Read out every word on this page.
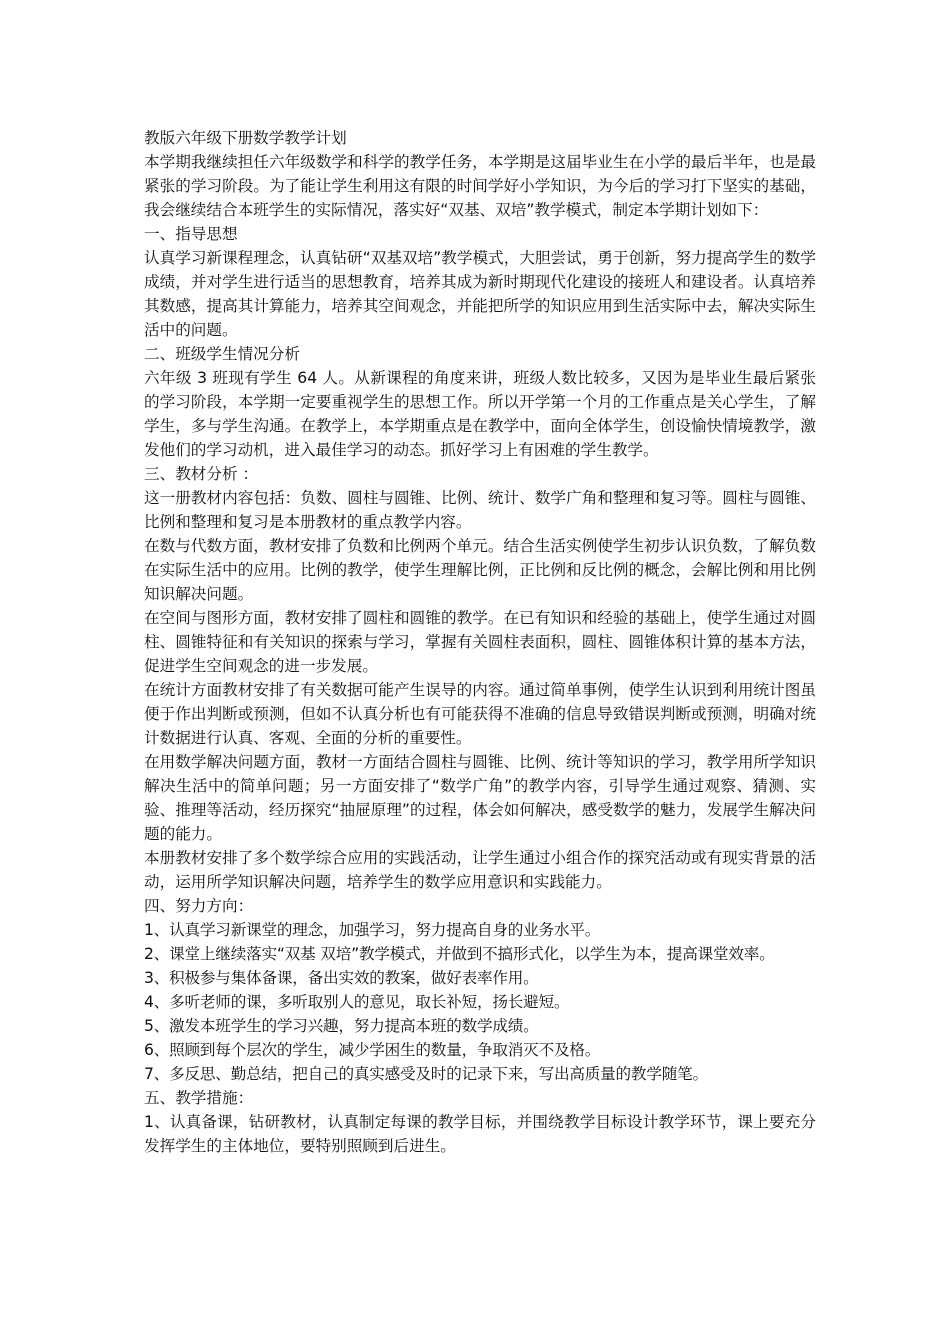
教版六年级下册数学教学计划

本学期我继续担任六年级数学和科学的教学任务，本学期是这届毕业生在小学的最后半年，也是最紧张的学习阶段。为了能让学生利用这有限的时间学好小学知识，为今后的学习打下坚实的基础，我会继续结合本班学生的实际情况，落实好“双基、双培”教学模式，制定本学期计划如下：

一、指导思想

认真学习新课程理念，认真钻研“双基双培”教学模式，大胆尝试，勇于创新，努力提高学生的数学成绩，并对学生进行适当的思想教育，培养其成为新时期现代化建设的接班人和建设者。认真培养其数感，提高其计算能力，培养其空间观念，并能把所学的知识应用到生活实际中去，解决实际生活中的问题。

二、班级学生情况分析

六年级 3 班现有学生 64 人。从新课程的角度来讲，班级人数比较多，又因为是毕业生最后紧张的学习阶段，本学期一定要重视学生的思想工作。所以开学第一个月的工作重点是关心学生，了解学生，多与学生沟通。在教学上，本学期重点是在教学中，面向全体学生，创设愉快情境教学，激发他们的学习动机，进入最佳学习的动态。抓好学习上有困难的学生教学。

三、教材分析 ：

这一册教材内容包括：负数、圆柱与圆锥、比例、统计、数学广角和整理和复习等。圆柱与圆锥、比例和整理和复习是本册教材的重点教学内容。

在数与代数方面，教材安排了负数和比例两个单元。结合生活实例使学生初步认识负数，了解负数在实际生活中的应用。比例的教学，使学生理解比例，正比例和反比例的概念，会解比例和用比例知识解决问题。

在空间与图形方面，教材安排了圆柱和圆锥的教学。在已有知识和经验的基础上，使学生通过对圆柱、圆锥特征和有关知识的探索与学习，掌握有关圆柱表面积，圆柱、圆锥体积计算的基本方法，促进学生空间观念的进一步发展。

在统计方面教材安排了有关数据可能产生误导的内容。通过简单事例，使学生认识到利用统计图虽便于作出判断或预测，但如不认真分析也有可能获得不准确的信息导致错误判断或预测，明确对统计数据进行认真、客观、全面的分析的重要性。

在用数学解决问题方面，教材一方面结合圆柱与圆锥、比例、统计等知识的学习，教学用所学知识解决生活中的简单问题；另一方面安排了“数学广角”的教学内容，引导学生通过观察、猜测、实验、推理等活动，经历探究“抽屉原理”的过程，体会如何解决，感受数学的魅力，发展学生解决问题的能力。

本册教材安排了多个数学综合应用的实践活动，让学生通过小组合作的探究活动或有现实背景的活动，运用所学知识解决问题，培养学生的数学应用意识和实践能力。

四、努力方向：
1、认真学习新课堂的理念，加强学习，努力提高自身的业务水平。
2、课堂上继续落实“双基 双培”教学模式，并做到不搞形式化，以学生为本，提高课堂效率。
3、积极参与集体备课，备出实效的教案，做好表率作用。
4、多听老师的课，多听取别人的意见，取长补短，扬长避短。
5、激发本班学生的学习兴趣，努力提高本班的数学成绩。
6、照顾到每个层次的学生，减少学困生的数量，争取消灭不及格。
7、多反思、勤总结，把自己的真实感受及时的记录下来，写出高质量的教学随笔。
五、教学措施：

1、认真备课，钻研教材，认真制定每课的教学目标，并围绕教学目标设计教学环节，课上要充分发挥学生的主体地位，要特别照顾到后进生。
